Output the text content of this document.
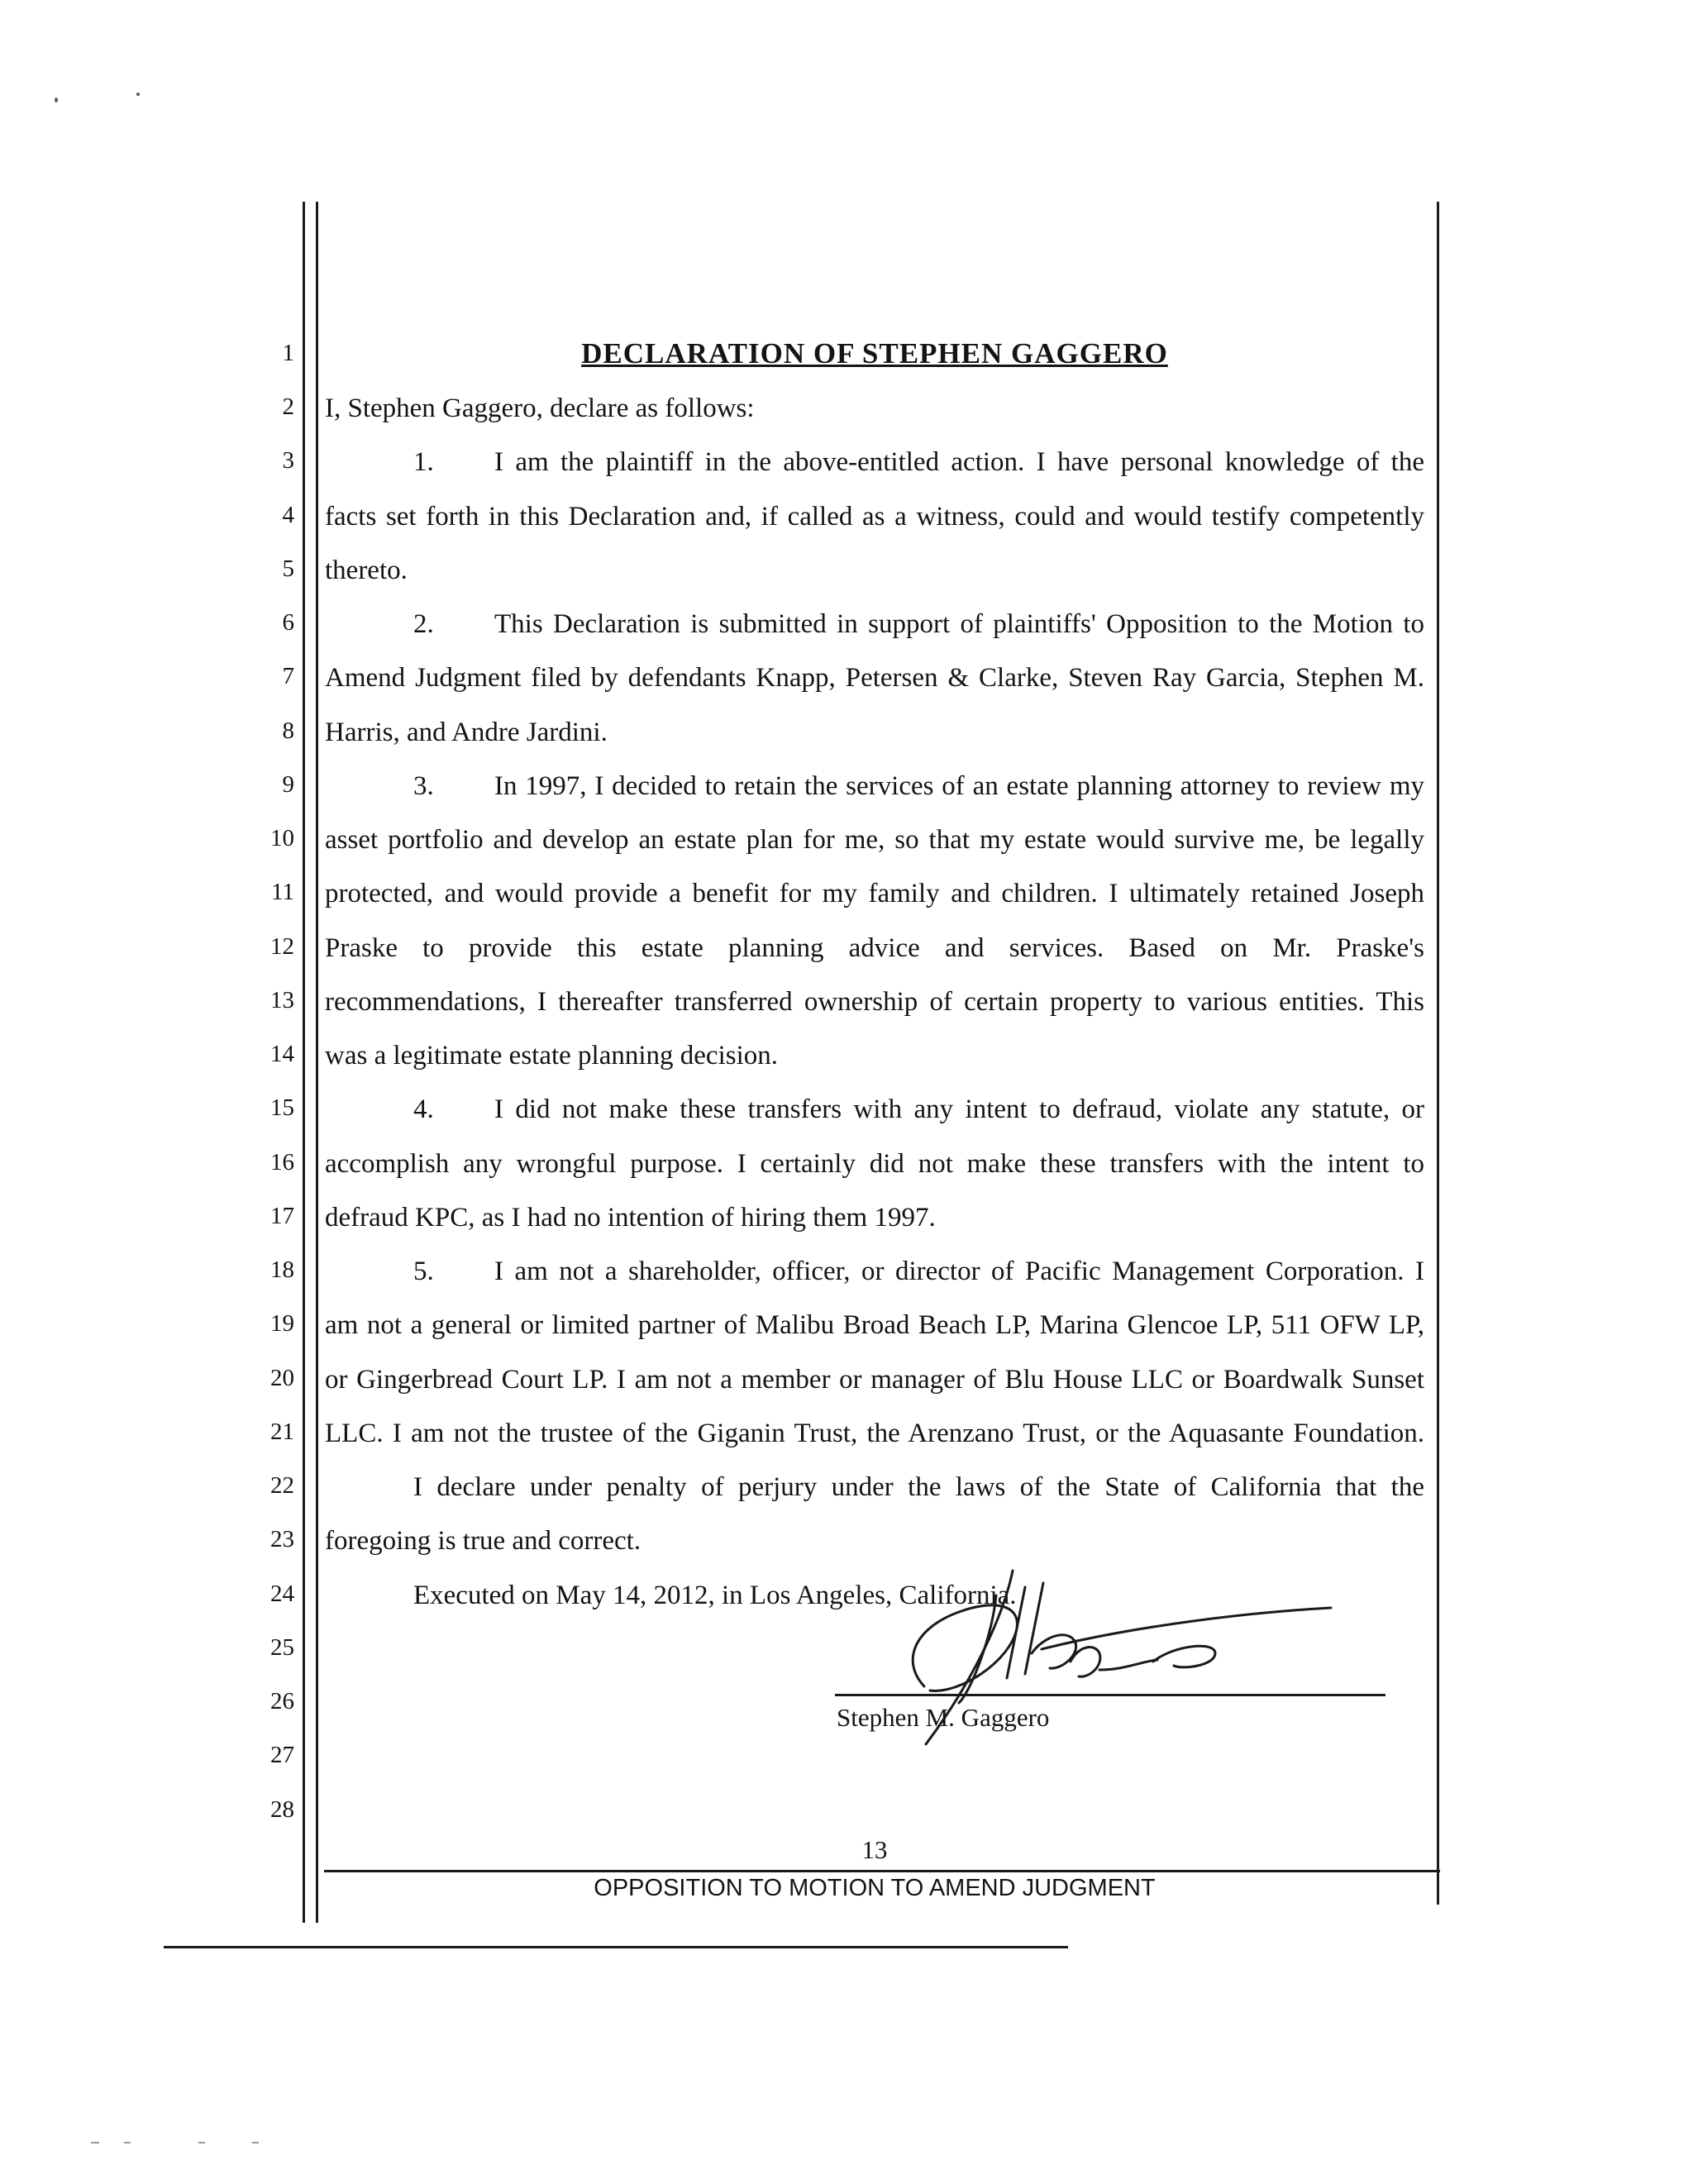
DECLARATION OF STEPHEN GAGGERO
1
2
3
4
5
6
7
8
9
10
11
12
13
14
15
16
17
18
19
20
21
22
23
24
25
26
27
28
I, Stephen Gaggero, declare as follows:
1. I am the plaintiff in the above-entitled action. I have personal knowledge of the
facts set forth in this Declaration and, if called as a witness, could and would testify competently
thereto.
2. This Declaration is submitted in support of plaintiffs' Opposition to the Motion to
Amend Judgment filed by defendants Knapp, Petersen & Clarke, Steven Ray Garcia, Stephen M.
Harris, and Andre Jardini.
3. In 1997, I decided to retain the services of an estate planning attorney to review my
asset portfolio and develop an estate plan for me, so that my estate would survive me, be legally
protected, and would provide a benefit for my family and children. I ultimately retained Joseph
Praske to provide this estate planning advice and services. Based on Mr. Praske's
recommendations, I thereafter transferred ownership of certain property to various entities. This
was a legitimate estate planning decision.
4. I did not make these transfers with any intent to defraud, violate any statute, or
accomplish any wrongful purpose. I certainly did not make these transfers with the intent to
defraud KPC, as I had no intention of hiring them 1997.
5. I am not a shareholder, officer, or director of Pacific Management Corporation. I
am not a general or limited partner of Malibu Broad Beach LP, Marina Glencoe LP, 511 OFW LP,
or Gingerbread Court LP. I am not a member or manager of Blu House LLC or Boardwalk Sunset
LLC. I am not the trustee of the Giganin Trust, the Arenzano Trust, or the Aquasante Foundation.
I declare under penalty of perjury under the laws of the State of California that the
foregoing is true and correct.
Executed on May 14, 2012, in Los Angeles, California.
Stephen M. Gaggero
13
OPPOSITION TO MOTION TO AMEND JUDGMENT
